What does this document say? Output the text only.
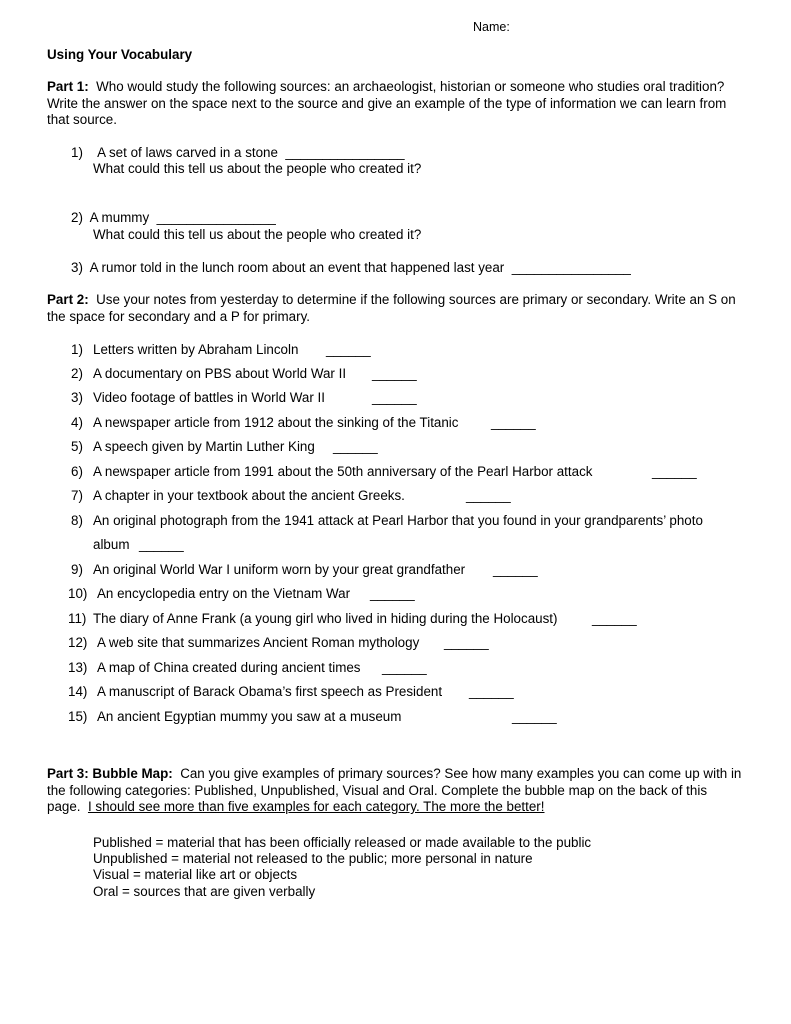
Name:
Using Your Vocabulary
Part 1: Who would study the following sources: an archaeologist, historian or someone who studies oral tradition? Write the answer on the space next to the source and give an example of the type of information we can learn from that source.
1) A set of laws carved in a stone ________________
What could this tell us about the people who created it?
2) A mummy ________________
What could this tell us about the people who created it?
3) A rumor told in the lunch room about an event that happened last year ________________
Part 2: Use your notes from yesterday to determine if the following sources are primary or secondary. Write an S on the space for secondary and a P for primary.
1) Letters written by Abraham Lincoln ______
2) A documentary on PBS about World War II ______
3) Video footage of battles in World War II	______
4) A newspaper article from 1912 about the sinking of the Titanic ______
5) A speech given by Martin Luther King ______
6) A newspaper article from 1991 about the 50th anniversary of the Pearl Harbor attack	______
7) A chapter in your textbook about the ancient Greeks.	______
8) An original photograph from the 1941 attack at Pearl Harbor that you found in your grandparents’ photo
album ______
9) An original World War I uniform worn by your great grandfather ______
10) An encyclopedia entry on the Vietnam War ______
11) The diary of Anne Frank (a young girl who lived in hiding during the Holocaust)	______
12) A web site that summarizes Ancient Roman mythology ______
13) A map of China created during ancient times ______
14) A manuscript of Barack Obama’s first speech as President ______
15) An ancient Egyptian mummy you saw at a museum	______
Part 3: Bubble Map: Can you give examples of primary sources? See how many examples you can come up with in the following categories: Published, Unpublished, Visual and Oral. Complete the bubble map on the back of this page. I should see more than five examples for each category. The more the better!
Published = material that has been officially released or made available to the public
Unpublished = material not released to the public; more personal in nature
Visual = material like art or objects
Oral = sources that are given verbally
